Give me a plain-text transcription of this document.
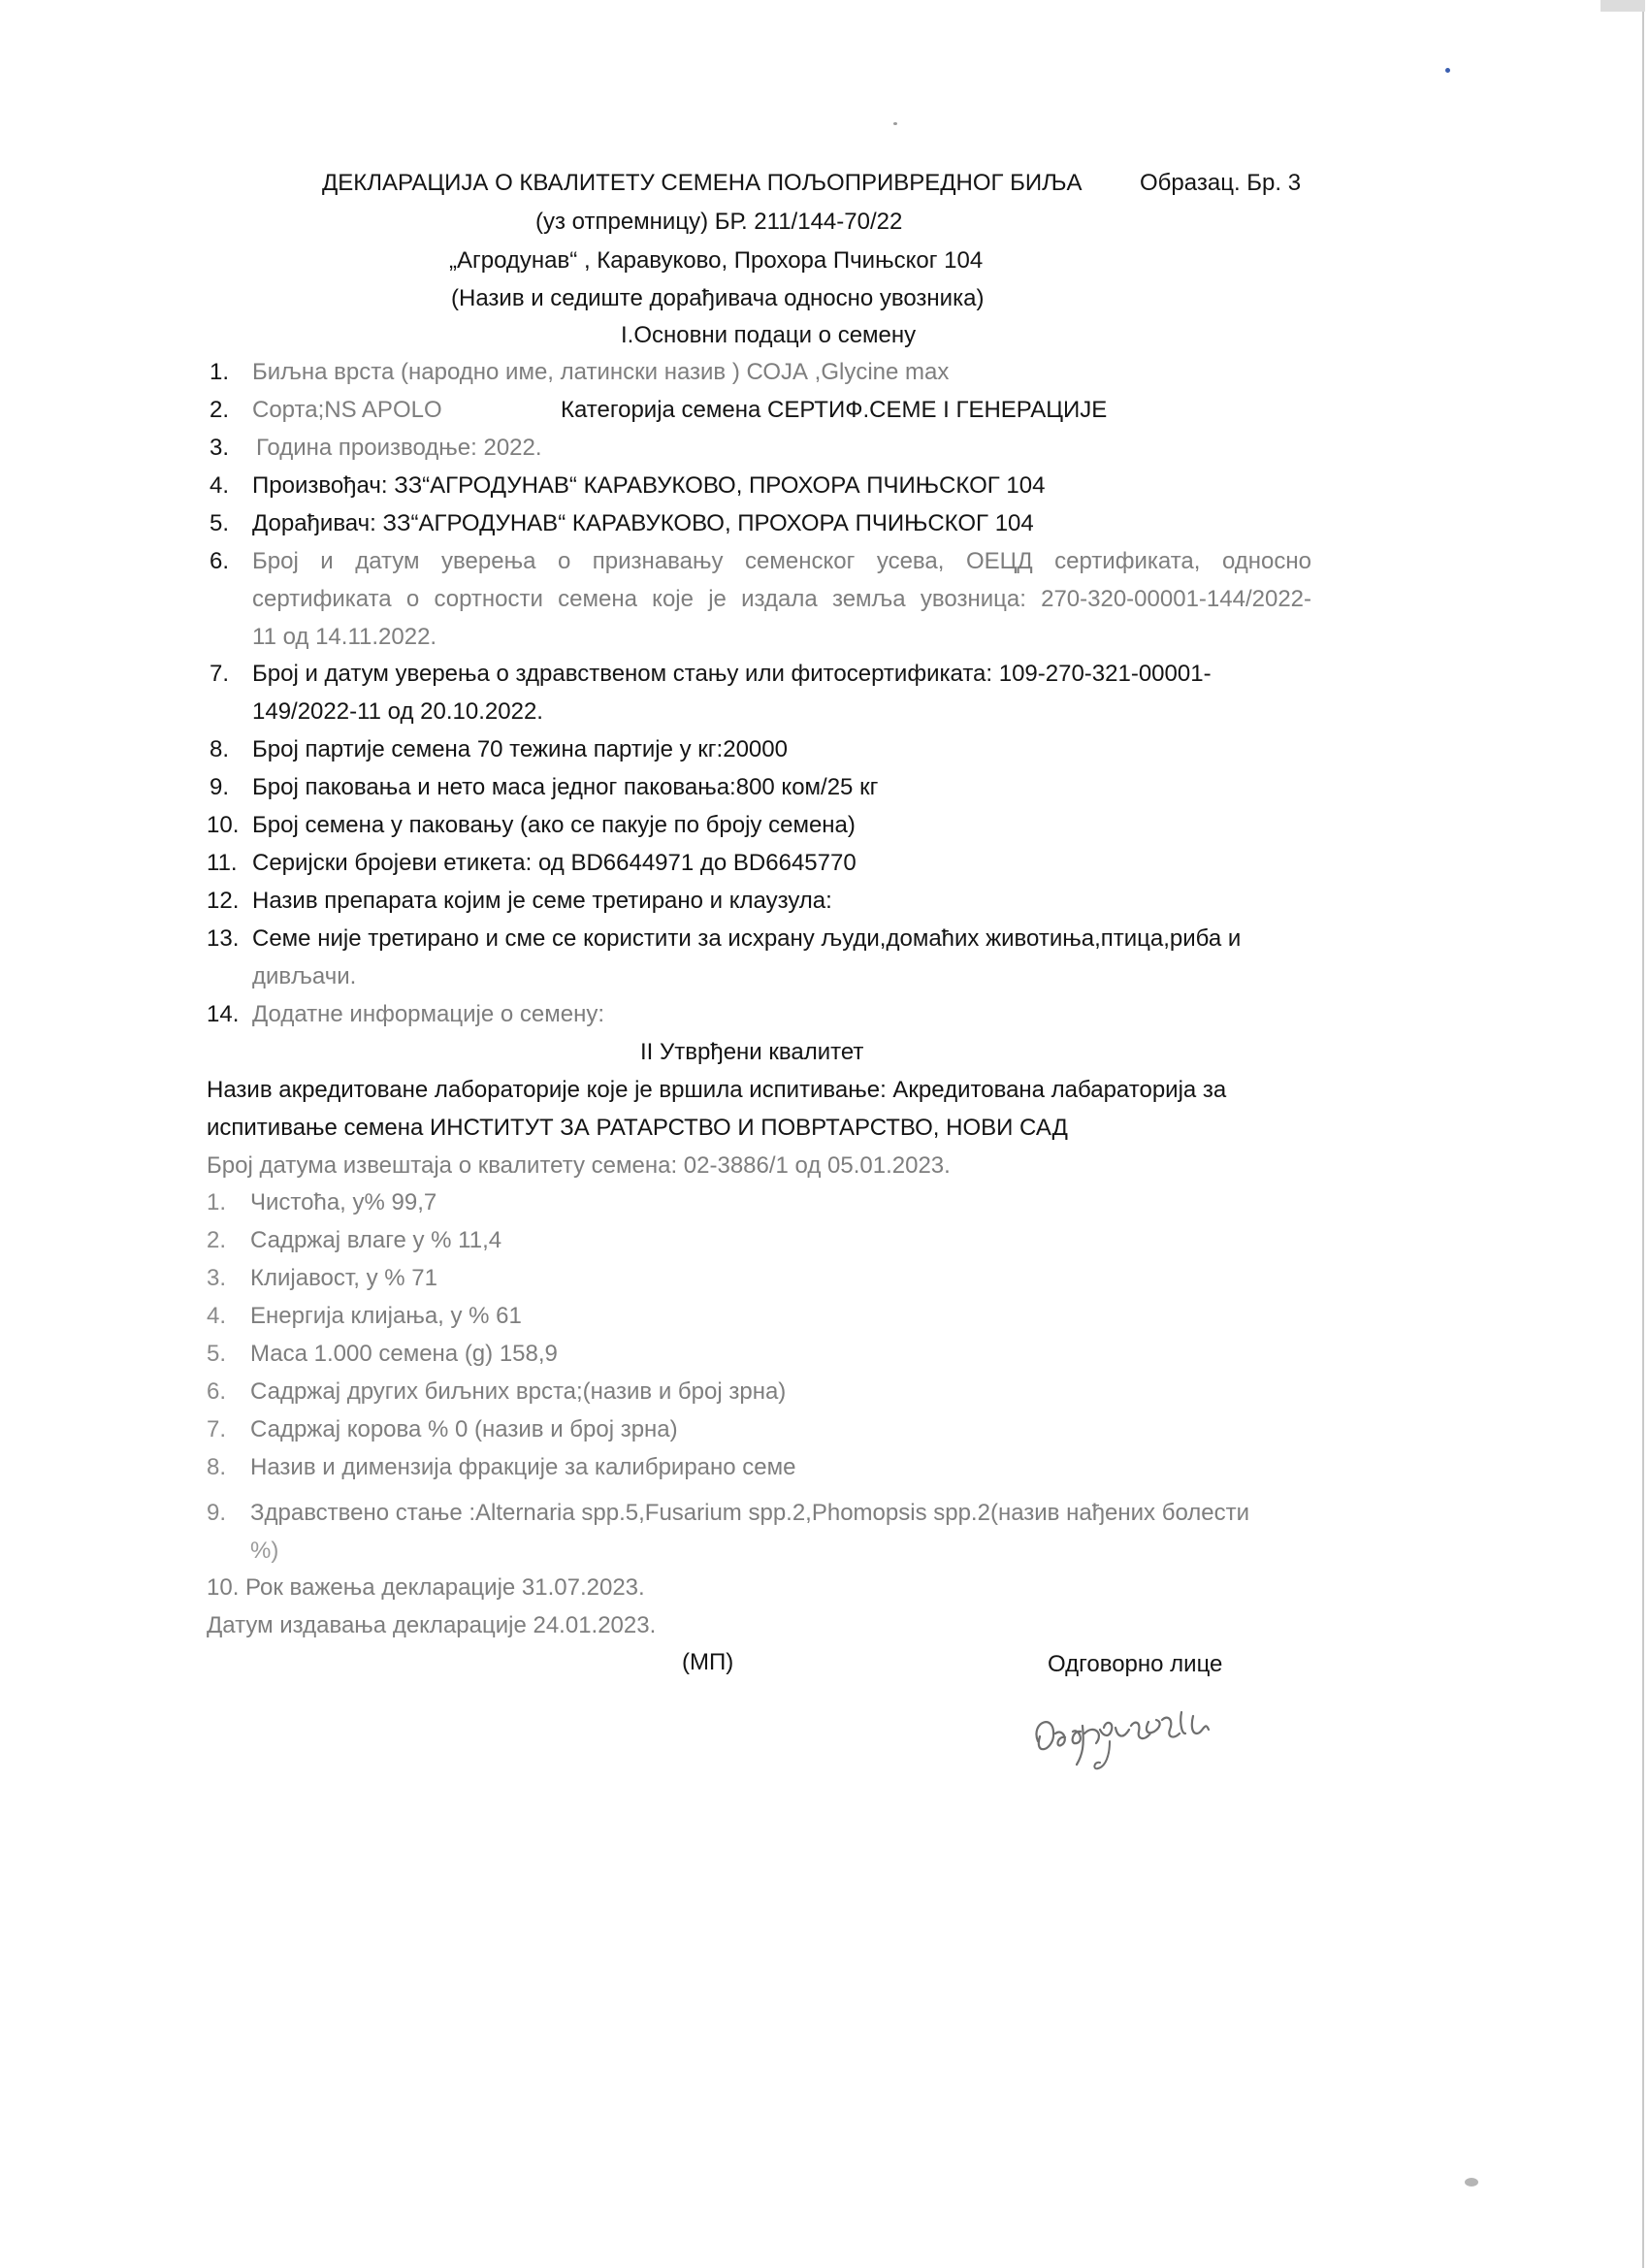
ДЕКЛАРАЦИЈА О КВАЛИТЕТУ СЕМЕНА ПОЉОПРИВРЕДНОГ БИЉА Образац. Бр. 3
(уз отпремницу) БР. 211/144-70/22
„Агродунав“ , Каравуково, Прохора Пчињског 104
(Назив и седиште дорађивача односно увозника)
I.Основни подаци о семену
1. Биљна врста (народно име, латински назив ) СОЈА ,Glycine max
2. Сорта;NS APOLO	Категорија семена СЕРТИФ.СЕМЕ I ГЕНЕРАЦИЈЕ
3. Година производње: 2022.
4. Произвођач: ЗЗ“АГРОДУНАВ“ КАРАВУКОВО, ПРОХОРА ПЧИЊСКОГ 104
5. Дорађивач: ЗЗ“АГРОДУНАВ“ КАРАВУКОВО, ПРОХОРА ПЧИЊСКОГ 104
6. Број и датум уверења о признавању семенског усева, ОЕЦД сертификата, односно
сертификата о сортности семена које је издала земља увозница: 270-320-00001-144/2022-
11 од 14.11.2022.
7. Број и датум уверења о здравственом стању или фитосертификата: 109-270-321-00001-
149/2022-11 од 20.10.2022.
8. Број партије семена 70 тежина партије у кг:20000
9. Број паковања и нето маса једног паковања:800 ком/25 кг
10. Број семена у паковању (ако се пакује по броју семена)
11. Серијски бројеви етикета: од BD6644971 до BD6645770
12. Назив препарата којим је семе третирано и клаузула:
13. Семе није третирано и сме се користити за исхрану људи,домаћих животиња,птица,риба и
дивљачи.
14. Додатне информације о семену:
II Утврђени квалитет
Назив акредитоване лабораторије које је вршила испитивање: Акредитована лабараторија за
испитивање семена ИНСТИТУТ ЗА РАТАРСТВО И ПОВРТАРСТВО, НОВИ САД
Број датума извештаја о квалитету семена: 02-3886/1 од 05.01.2023.
1. Чистоћа, у% 99,7
2. Садржај влаге у % 11,4
3. Клијавост, у % 71
4. Енергија клијања, у % 61
5. Маса 1.000 семена (g) 158,9
6. Садржај других биљних врста;(назив и број зрна)
7. Садржај корова % 0 (назив и број зрна)
8. Назив и димензија фракције за калибрирано семе
9. Здравствено стање :Alternaria spp.5,Fusarium spp.2,Phomopsis spp.2(назив нађених болести
%)
10. Рок важења декларације 31.07.2023.
Датум издавања декларације 24.01.2023.
(МП)	Одговорно лице
